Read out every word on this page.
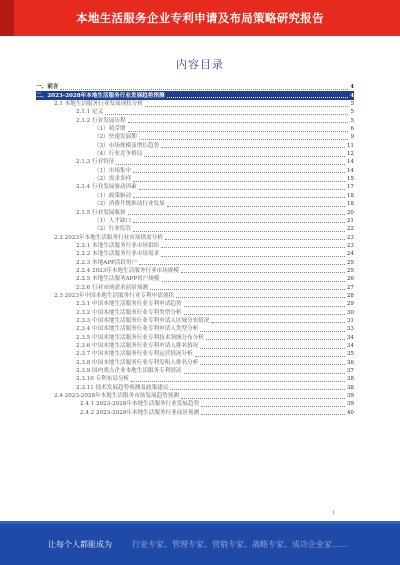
本地生活服务企业专利申请及布局策略研究报告
内容目录
一、前言	4
二、2023-2028年本地生活服务行业发展趋势预测	4
2.1 本地生活服务行业发展现状分析	5
2.1.1 定义	5
2.1.2 行业发展历程	5
（1）萌芽期	6
（2）快速发展期	9
（3）市场规模及增长趋势	11
（4）行业竞争格局	12
2.1.3 行业特征	14
（1）市场集中	14
（2）需求多样	15
2.1.4 行业发展驱动因素	17
（1）政策驱动	18
（2）消费升级推动行业发展	18
2.1.5 行业发展瓶颈	20
（1）人才缺口	21
（2）行业监管	22
2.2 2023年本地生活服务行业市场供需分析	23
2.2.1 本地生活服务行业市场供给	23
2.2.2 本地生活服务行业市场需求	24
2.2.3 本地APP活跃用户	25
2.2.4 2023年本地生活服务行业市场规模	25
2.2.5 本地生活服务APP用户规模	26
2.2.6 行业市场需求前景预测	27
2.3 2023年中国本地生活服务行业专利申请现状	28
2.3.1 中国本地生活服务行业专利申请趋势	29
2.3.2 中国本地生活服务行业专利类型分析	30
2.3.3 中国本地生活服务行业专利申请人区域分布情况	31
2.3.4 中国本地生活服务行业专利申请人类型分析	33
2.3.5 中国本地生活服务行业专利技术领域分布分析	34
2.3.6 中国本地生活服务行业专利申请人排名情况	34
2.3.7 中国本地生活服务行业专利运营情况分析	35
2.3.8 中国本地生活服务行业专利发明人排名分析	36
2.3.9 国内重点企业本地生活服务专利情况	37
2.3.10 专利布局分析	38
2.3.11 技术发展趋势预测及政策建议	38
2.4 2023-2028年本地生活服务市场发展趋势预测	39
2.4.1 2023-2028年本地生活服务行业发展趋势	39
2.4.2 2023-2028年本地生活服务行业前景预测	40
1
让每个人都能成为	行业专家、管理专家、营销专家、战略专家、成功企业家……
